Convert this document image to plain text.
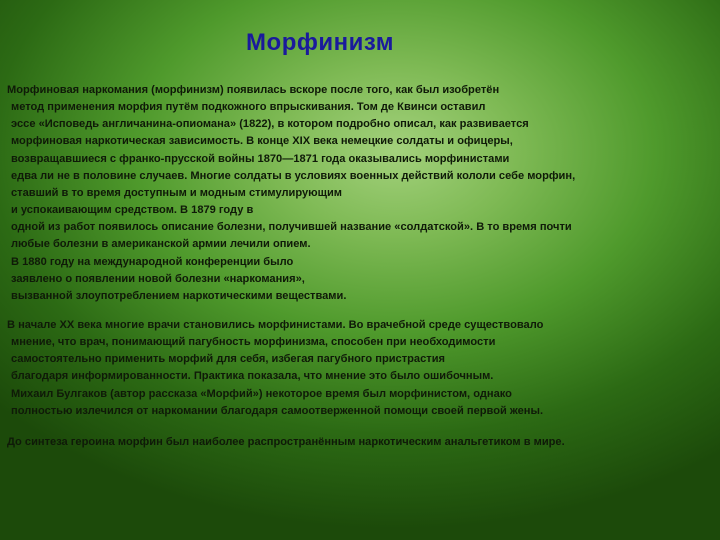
Морфинизм
Морфиновая наркомания (морфинизм) появилась вскоре после того, как был изобретён
метод применения морфия путём подкожного впрыскивания. Том де Квинси оставил
эссе «Исповедь англичанина-опиомана» (1822), в котором подробно описал, как развивается
морфиновая наркотическая зависимость. В конце XIX века немецкие солдаты и офицеры,
возвращавшиеся с франко-прусской войны 1870—1871 года оказывались морфинистами
едва ли не в половине случаев. Многие солдаты в условиях военных действий кололи себе морфин,
ставший в то время доступным и модным стимулирующим
и успокаивающим средством. В 1879 году в
одной из работ появилось описание болезни, получившей название «солдатской». В то время почти
любые болезни в американской армии лечили опием.
В 1880 году на международной конференции было
заявлено о появлении новой болезни «наркомания»,
вызванной злоупотреблением наркотическими веществами.
В начале XX века многие врачи становились морфинистами. Во врачебной среде существовало
мнение, что врач, понимающий пагубность морфинизма, способен при необходимости
самостоятельно применить морфий для себя, избегая пагубного пристрастия
благодаря информированности. Практика показала, что мнение это было ошибочным.
Михаил Булгаков (автор рассказа «Морфий») некоторое время был морфинистом, однако
полностью излечился от наркомании благодаря самоотверженной помощи своей первой жены.
До синтеза героина морфин был наиболее распространённым наркотическим анальгетиком в мире.
